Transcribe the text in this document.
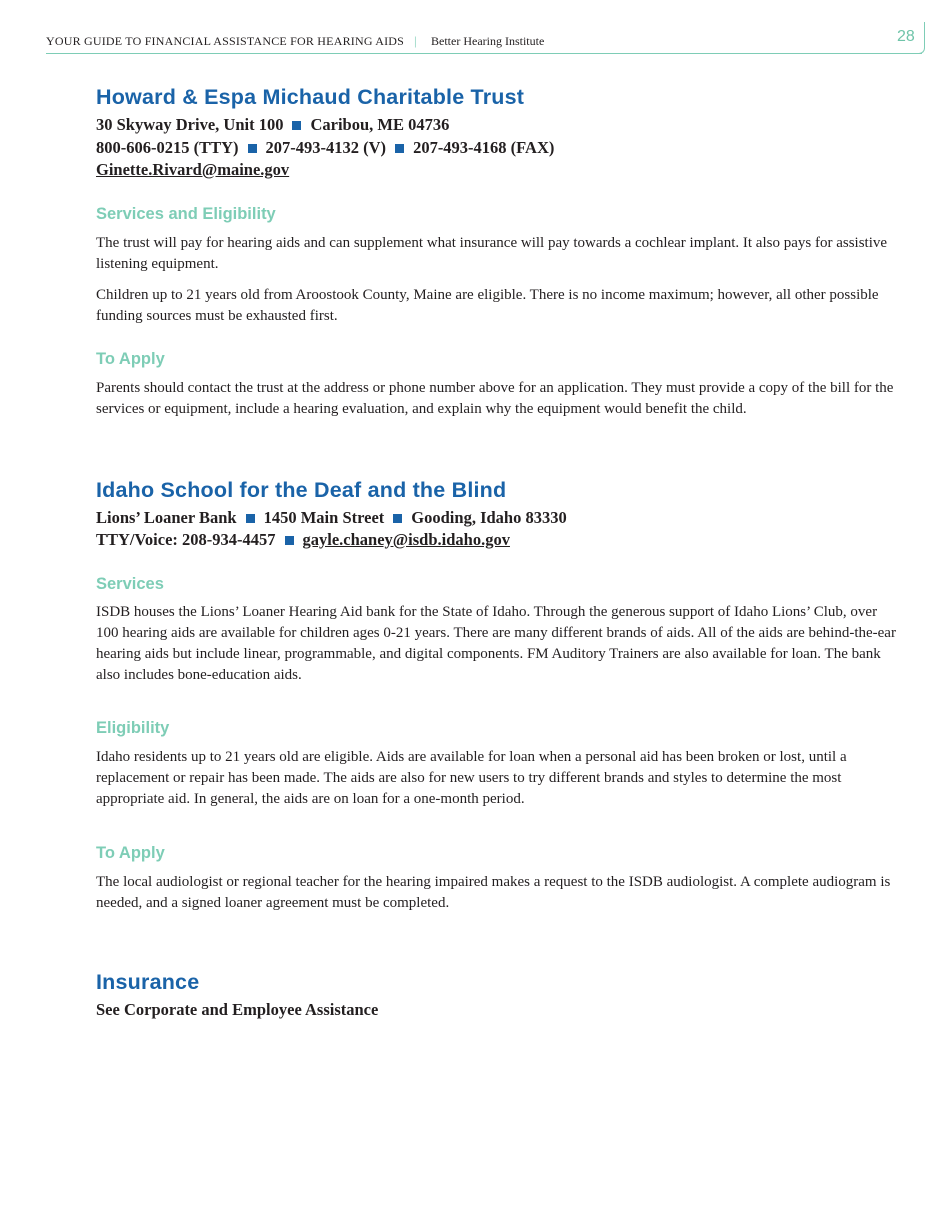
YOUR GUIDE TO FINANCIAL ASSISTANCE FOR HEARING AIDS | Better Hearing Institute	28
Howard & Espa Michaud Charitable Trust
30 Skyway Drive, Unit 100 Caribou, ME 04736
800-606-0215 (TTY) 207-493-4132 (V) 207-493-4168 (FAX)
Ginette.Rivard@maine.gov
Services and Eligibility

The trust will pay for hearing aids and can supplement what insurance will pay towards a cochlear implant. It also pays for assistive listening equipment.

Children up to 21 years old from Aroostook County, Maine are eligible. There is no income maximum; however, all other possible funding sources must be exhausted first.

To Apply

Parents should contact the trust at the address or phone number above for an application. They must provide a copy of the bill for the services or equipment, include a hearing evaluation, and explain why the equipment would benefit the child.

Idaho School for the Deaf and the Blind
Lions’ Loaner Bank 1450 Main Street Gooding, Idaho 83330
TTY/Voice: 208-934-4457 gayle.chaney@isdb.idaho.gov
Services

ISDB houses the Lions’ Loaner Hearing Aid bank for the State of Idaho. Through the generous support of Idaho Lions’ Club, over 100 hearing aids are available for children ages 0-21 years. There are many different brands of aids. All of the aids are behind-the-ear hearing aids but include linear, programmable, and digital components. FM Auditory Trainers are also available for loan. The bank also includes bone-education aids.

Eligibility

Idaho residents up to 21 years old are eligible. Aids are available for loan when a personal aid has been broken or lost, until a replacement or repair has been made. The aids are also for new users to try different brands and styles to determine the most appropriate aid. In general, the aids are on loan for a one-month period.

To Apply

The local audiologist or regional teacher for the hearing impaired makes a request to the ISDB audiologist. A complete audiogram is needed, and a signed loaner agreement must be completed.

Insurance
See Corporate and Employee Assistance
